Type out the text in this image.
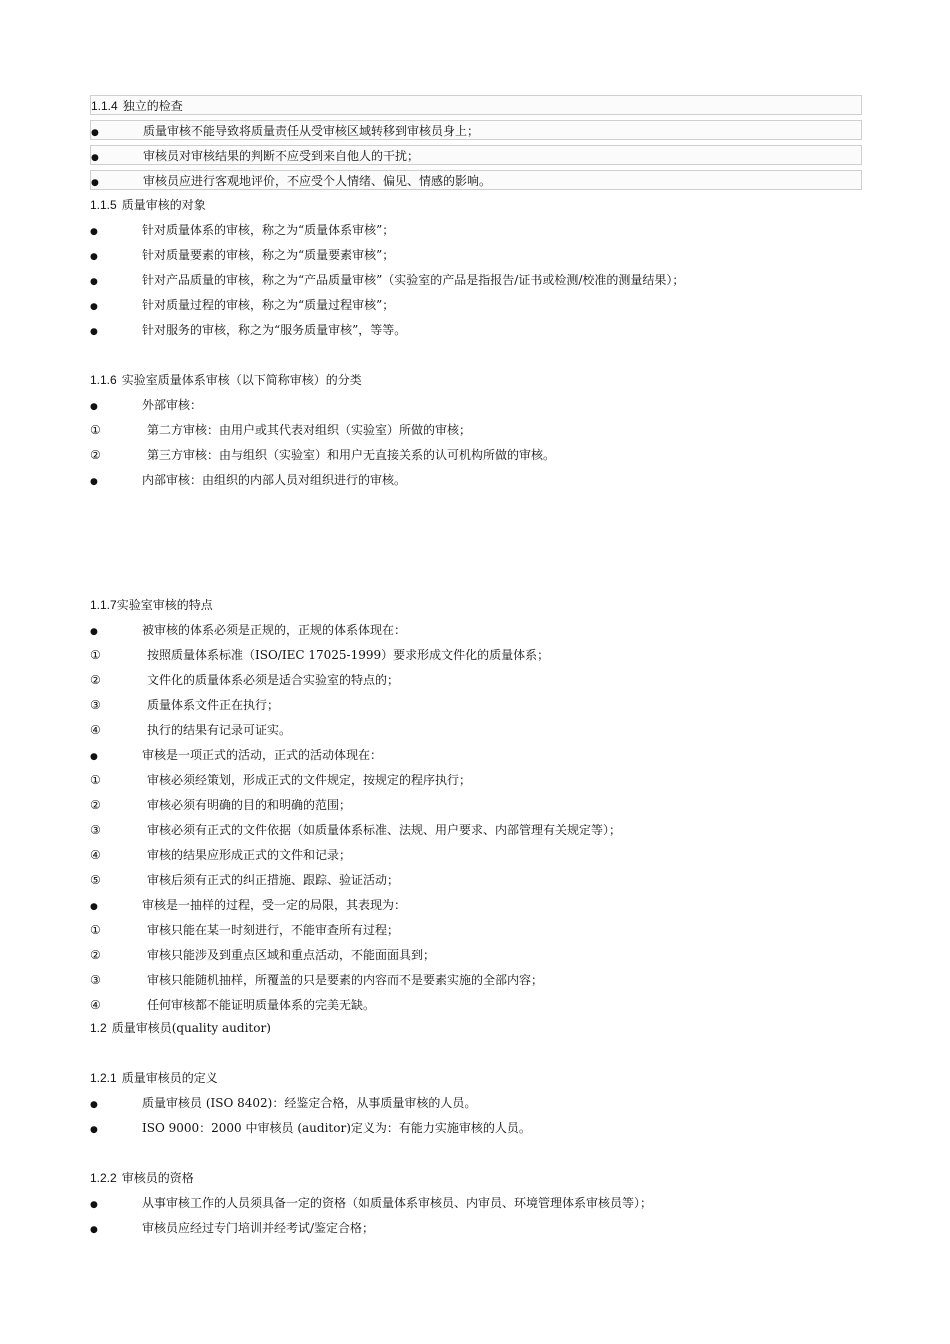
1.1.4 独立的检查
●	质量审核不能导致将质量责任从受审核区域转移到审核员身上；
●	审核员对审核结果的判断不应受到来自他人的干扰；
●	审核员应进行客观地评价，不应受个人情绪、偏见、情感的影响。
1.1.5 质量审核的对象
●	针对质量体系的审核，称之为“质量体系审核”；
●	针对质量要素的审核，称之为“质量要素审核”；
●	针对产品质量的审核，称之为“产品质量审核”（实验室的产品是指报告/证书或检测/校准的测量结果）；
●	针对质量过程的审核，称之为“质量过程审核”；
●	针对服务的审核，称之为“服务质量审核”，等等。
1.1.6 实验室质量体系审核（以下简称审核）的分类
●	外部审核：
①	第二方审核：由用户或其代表对组织（实验室）所做的审核；
②	第三方审核：由与组织（实验室）和用户无直接关系的认可机构所做的审核。
●	内部审核：由组织的内部人员对组织进行的审核。
1.1.7实验室审核的特点
●	被审核的体系必须是正规的，正规的体系体现在：
①	按照质量体系标准（ISO/IEC 17025-1999）要求形成文件化的质量体系；
②	文件化的质量体系必须是适合实验室的特点的；
③	质量体系文件正在执行；
④	执行的结果有记录可证实。
●	审核是一项正式的活动，正式的活动体现在：
①	审核必须经策划，形成正式的文件规定，按规定的程序执行；
②	审核必须有明确的目的和明确的范围；
③	审核必须有正式的文件依据（如质量体系标准、法规、用户要求、内部管理有关规定等）；
④	审核的结果应形成正式的文件和记录；
⑤	审核后须有正式的纠正措施、跟踪、验证活动；
●	审核是一抽样的过程，受一定的局限，其表现为：
①	审核只能在某一时刻进行，不能审查所有过程；
②	审核只能涉及到重点区域和重点活动，不能面面具到；
③	审核只能随机抽样，所覆盖的只是要素的内容而不是要素实施的全部内容；
④	任何审核都不能证明质量体系的完美无缺。
1.2 质量审核员(quality auditor)
1.2.1 质量审核员的定义
●	质量审核员 (ISO 8402)：经鉴定合格，从事质量审核的人员。
●	ISO 9000：2000 中审核员 (auditor)定义为：有能力实施审核的人员。
1.2.2 审核员的资格
●	从事审核工作的人员须具备一定的资格（如质量体系审核员、内审员、环境管理体系审核员等）；
●	审核员应经过专门培训并经考试/鉴定合格；
